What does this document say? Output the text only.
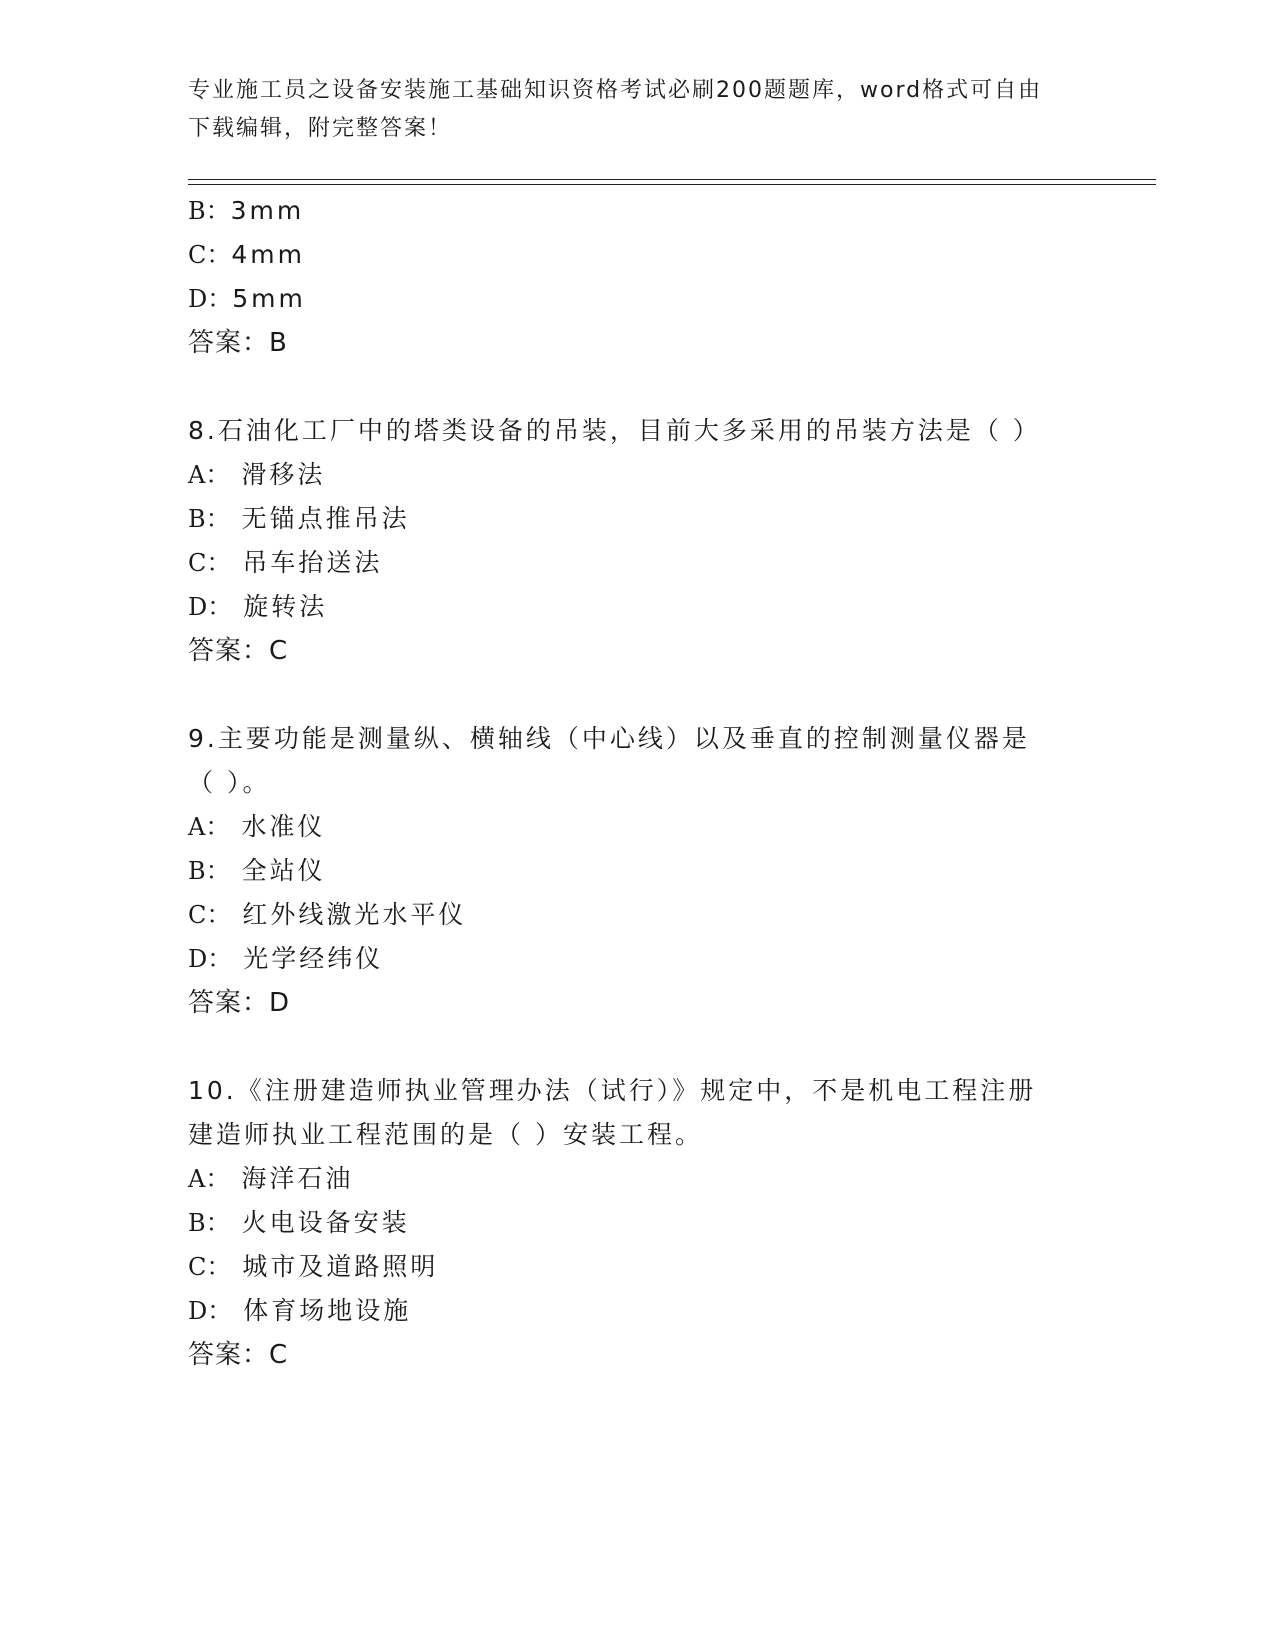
专业施工员之设备安装施工基础知识资格考试必刷200题题库，word格式可自由
下载编辑，附完整答案！
B：3mm
C：4mm
D：5mm
答案：B
8.石油化工厂中的塔类设备的吊装，目前大多采用的吊装方法是（ ）
A： 滑移法
B： 无锚点推吊法
C： 吊车抬送法
D： 旋转法
答案：C
9.主要功能是测量纵、横轴线（中心线）以及垂直的控制测量仪器是
（ ）。
A： 水准仪
B： 全站仪
C： 红外线激光水平仪
D： 光学经纬仪
答案：D
10.《注册建造师执业管理办法（试行）》规定中，不是机电工程注册
建造师执业工程范围的是（ ）安装工程。
A： 海洋石油
B： 火电设备安装
C： 城市及道路照明
D： 体育场地设施
答案：C
